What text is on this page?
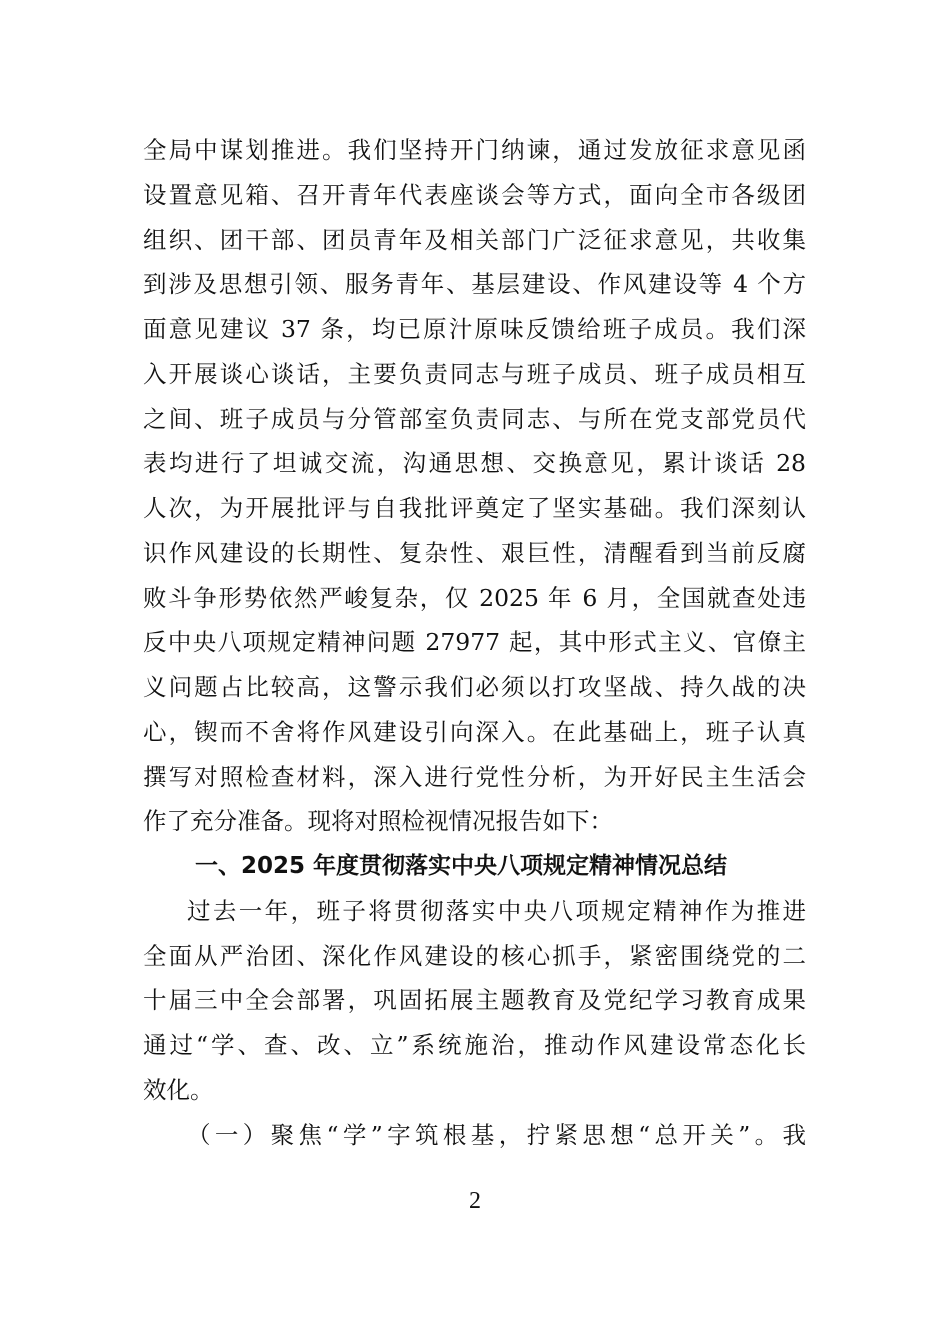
全局中谋划推进。我们坚持开门纳谏，通过发放征求意见函
设置意见箱、召开青年代表座谈会等方式，面向全市各级团
组织、团干部、团员青年及相关部门广泛征求意见，共收集
到涉及思想引领、服务青年、基层建设、作风建设等 4 个方
面意见建议 37 条，均已原汁原味反馈给班子成员。我们深
入开展谈心谈话，主要负责同志与班子成员、班子成员相互
之间、班子成员与分管部室负责同志、与所在党支部党员代
表均进行了坦诚交流，沟通思想、交换意见，累计谈话 28
人次，为开展批评与自我批评奠定了坚实基础。我们深刻认
识作风建设的长期性、复杂性、艰巨性，清醒看到当前反腐
败斗争形势依然严峻复杂，仅 2025 年 6 月，全国就查处违
反中央八项规定精神问题 27977 起，其中形式主义、官僚主
义问题占比较高，这警示我们必须以打攻坚战、持久战的决
心，锲而不舍将作风建设引向深入。在此基础上，班子认真
撰写对照检查材料，深入进行党性分析，为开好民主生活会
作了充分准备。现将对照检视情况报告如下：
一、2025 年度贯彻落实中央八项规定精神情况总结
过去一年，班子将贯彻落实中央八项规定精神作为推进
全面从严治团、深化作风建设的核心抓手，紧密围绕党的二
十届三中全会部署，巩固拓展主题教育及党纪学习教育成果
通过“学、查、改、立”系统施治，推动作风建设常态化长
效化。
（一）聚焦“学”字筑根基，拧紧思想“总开关”。我
2
